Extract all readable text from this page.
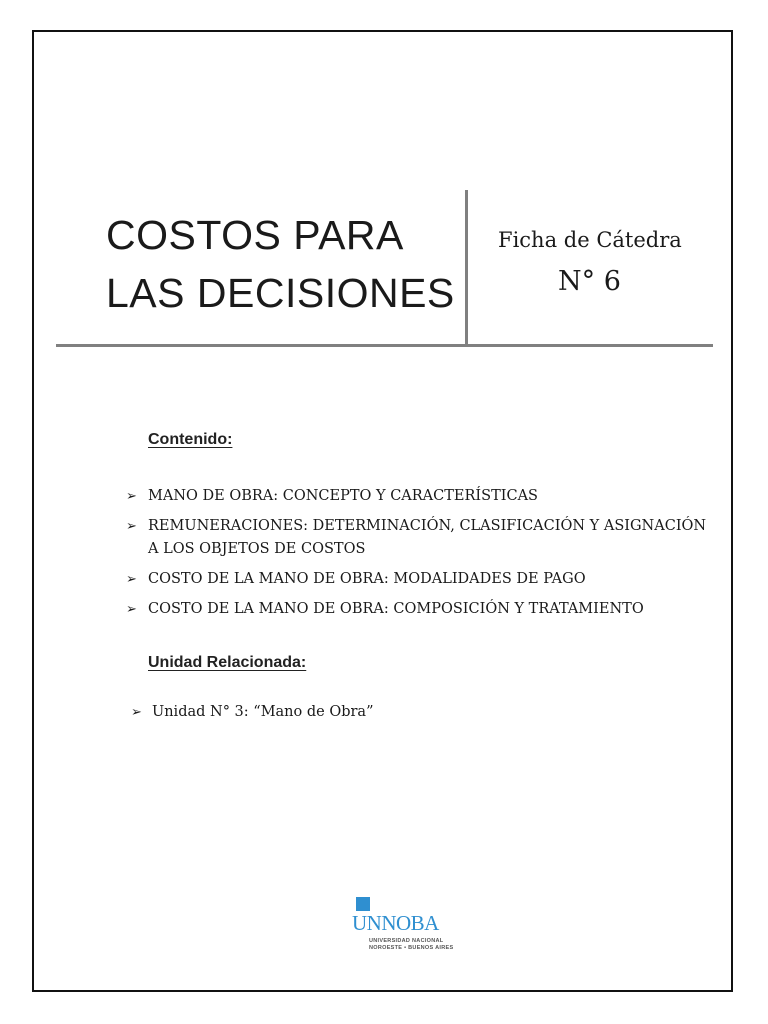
COSTOS PARA
LAS DECISIONES
Ficha de Cátedra
N° 6
Contenido:
➢ MANO DE OBRA: CONCEPTO Y CARACTERÍSTICAS
➢ REMUNERACIONES: DETERMINACIÓN, CLASIFICACIÓN Y ASIGNACIÓN A LOS OBJETOS DE COSTOS
➢ COSTO DE LA MANO DE OBRA: MODALIDADES DE PAGO
➢ COSTO DE LA MANO DE OBRA: COMPOSICIÓN Y TRATAMIENTO
Unidad Relacionada:
➢ Unidad N° 3: “Mano de Obra”
UNNOBA
UNIVERSIDAD NACIONAL
NOROESTE • BUENOS AIRES
